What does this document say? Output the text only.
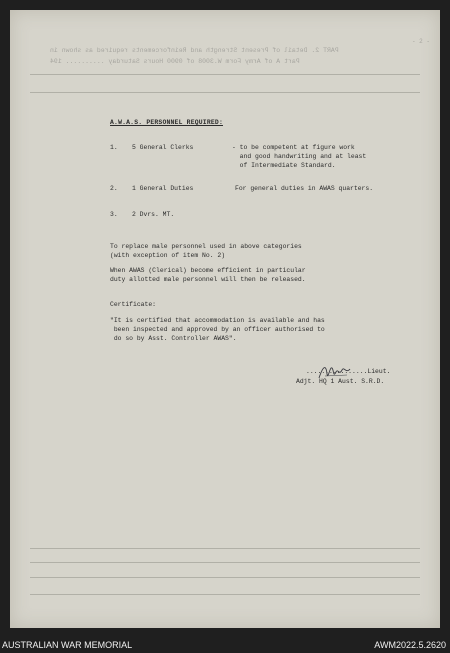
- 2 -
PART 2. Detail of Present Strength and Reinforcements required as shown in
Part A of Army Form W.3008 of 0900 Hours Saturday .......... 194
A.W.A.S. PERSONNEL REQUIRED:
1. 5 General Clerks	- to be competent at figure work
and good handwriting and at least
of Intermediate Standard.
2. 1 General Duties	For general duties in AWAS quarters.
3. 2 Dvrs. MT.
To replace male personnel used in above categories
(with exception of item No. 2)
When AWAS (Clerical) become efficient in particular
duty allotted male personnel will then be released.
Certificate:
"It is certified that accommodation is available and has
been inspected and approved by an officer authorised to
do so by Asst. Controller AWAS".
................Lieut.
Adjt. HQ 1 Aust. S.R.D.
AUSTRALIAN WAR MEMORIAL	AWM2022.5.2620
